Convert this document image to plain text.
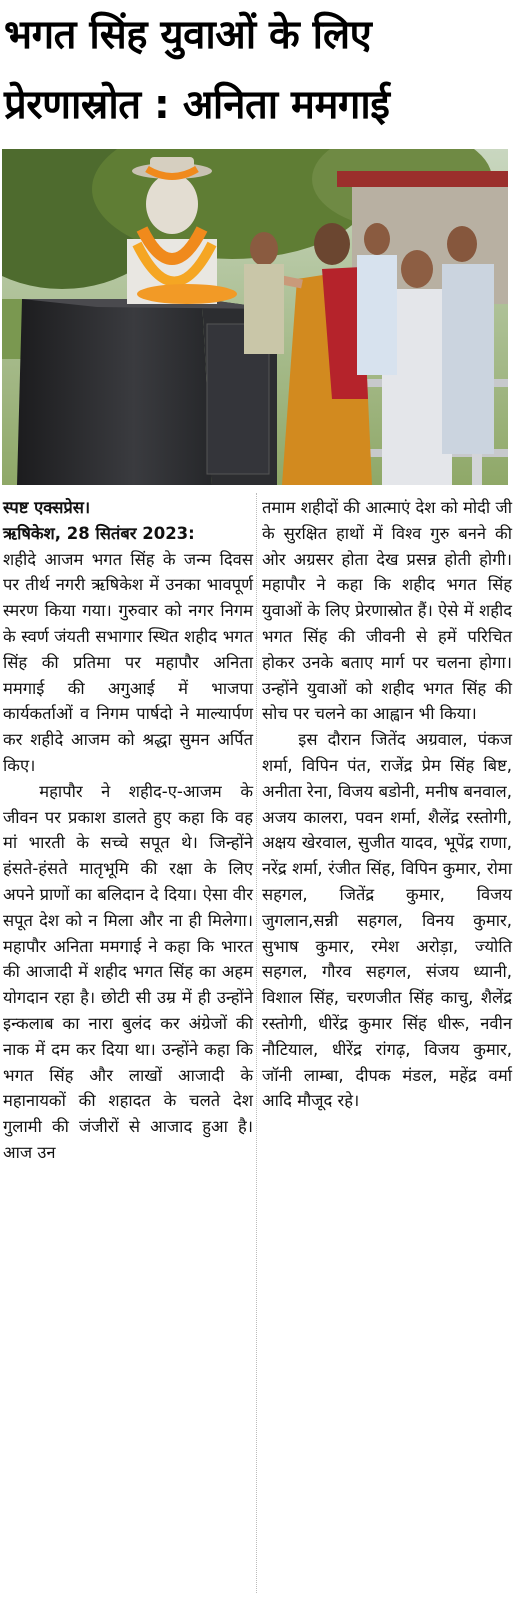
भगत सिंह युवाओं के लिए
प्रेरणास्रोत : अनिता ममगाई

स्पष्ट एक्सप्रेस।

ऋषिकेश, 28 सितंबर 2023:

शहीदे आजम भगत सिंह के जन्म दिवस पर तीर्थ नगरी ऋषिकेश में उनका भावपूर्ण स्मरण किया गया। गुरुवार को नगर निगम के स्वर्ण जंयती सभागार स्थित शहीद भगत सिंह की प्रतिमा पर महापौर अनिता ममगाई की अगुआई में भाजपा कार्यकर्ताओं व निगम पार्षदो ने माल्यार्पण कर शहीदे आजम को श्रद्धा सुमन अर्पित किए।

महापौर ने शहीद-ए-आजम के जीवन पर प्रकाश डालते हुए कहा कि वह मां भारती के सच्चे सपूत थे। जिन्होंने हंसते-हंसते मातृभूमि की रक्षा के लिए अपने प्राणों का बलिदान दे दिया। ऐसा वीर सपूत देश को न मिला और ना ही मिलेगा। महापौर अनिता ममगाई ने कहा कि भारत की आजादी में शहीद भगत सिंह का अहम योगदान रहा है। छोटी सी उम्र में ही उन्होंने इन्कलाब का नारा बुलंद कर अंग्रेजों की नाक में दम कर दिया था। उन्होंने कहा कि भगत सिंह और लाखों आजादी के महानायकों की शहादत के चलते देश गुलामी की जंजीरों से आजाद हुआ है। आज उन

तमाम शहीदों की आत्माएं देश को मोदी जी के सुरक्षित हाथों में विश्व गुरु बनने की ओर अग्रसर होता देख प्रसन्न होती होगी। महापौर ने कहा कि शहीद भगत सिंह युवाओं के लिए प्रेरणास्रोत हैं। ऐसे में शहीद भगत सिंह की जीवनी से हमें परिचित होकर उनके बताए मार्ग पर चलना होगा। उन्होंने युवाओं को शहीद भगत सिंह की सोच पर चलने का आह्वान भी किया।

इस दौरान जितेंद अग्रवाल, पंकज शर्मा, विपिन पंत, राजेंद्र प्रेम सिंह बिष्ट, अनीता रेना, विजय बडोनी, मनीष बनवाल, अजय कालरा, पवन शर्मा, शैलेंद्र रस्तोगी, अक्षय खेरवाल, सुजीत यादव, भूपेंद्र राणा, नरेंद्र शर्मा, रंजीत सिंह, विपिन कुमार, रोमा सहगल, जितेंद्र कुमार, विजय जुगलान,सन्नी सहगल, विनय कुमार, सुभाष कुमार, रमेश अरोड़ा, ज्योति सहगल, गौरव सहगल, संजय ध्यानी, विशाल सिंह, चरणजीत सिंह काचु, शैलेंद्र रस्तोगी, धीरेंद्र कुमार सिंह धीरू, नवीन नौटियाल, धीरेंद्र रांगढ़, विजय कुमार, जॉनी लाम्बा, दीपक मंडल, महेंद्र वर्मा आदि मौजूद रहे।
